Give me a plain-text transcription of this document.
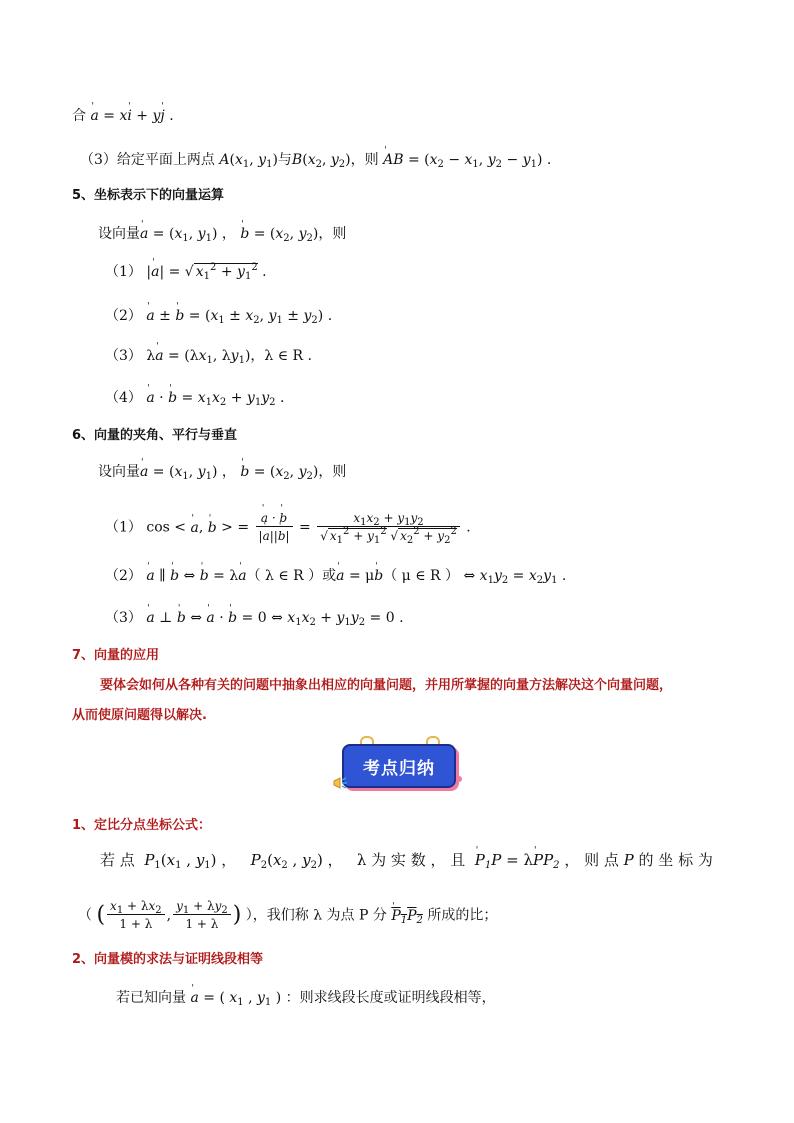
合 ' a = x' i + y' j .
（3）给定平面上两点 $A(x_1$, $y_1$)与$B(x_2$, $y_2$)，则 ' AB = ($x_2 - x_1$, $y_2 - y_1$) .
5、坐标表示下的向量运算
设向量' $a = (x_1$, $y_1$) ， ' $b = (x_2$, $y_2$)，则
（1） |' a| = √ $x_1^2 + y_1^2$ .
（2） ' a ± ' $b = (x_1 \pm x_2$, $y_1 \pm y_2$) .
（3） λ' $a = (\lambda x_1$, $\lambda y_1$)，λ ∈ R .
（4） ' a · ' $b = x_1x_2 + y_1y_2$ .
6、向量的夹角、平行与垂直
设向量' $a = (x_1$, $y_1$) ， ' $b = (x_2$, $y_2$)，则
（1） cos < ' a, ' b > = ' $\frac{a \cdot ' b}{|' a||' b|} = \frac{x_1x_2 + y_1y_2}{√ x_1^2 + y_1^2 √ x_2^2 + y_2^2}$ .
（2） ' a ∥ ' b ⇔ ' b = λ' a（ λ ∈ R ）或' a = μ' b（ μ ∈ R ） ⇔ $x_1y_2 = x_2y_1$ .
（3） ' a ⊥ ' b ⇔ ' a · ' b = 0 ⇔ $x_1x_2 + y_1y_2 = 0$ .
7、向量的应用
要体会如何从各种有关的问题中抽象出相应的向量问题，并用所掌握的向量方法解决这个向量问题，
从而使原问题得以解决.
考点归纳
1、定比分点坐标公式：
若 点 $P_1(x_1$ , $y_1$) ，   $P_2(x_2$ , $y_2$) ，   λ 为 实 数 ， 且 ' $P_1P = \lambda'$ $PP_2$ ， 则 点 P 的 坐 标 为
（ ( $\frac{x_1 + \lambda x_2}{1 + \lambda}$ , $\frac{y_1 + \lambda y_2}{1 + \lambda}$ ) ），我们称 λ 为点 P 分 ' $P_1P_2$ 所成的比；
2、向量模的求法与证明线段相等
若已知向量 ' a = ( $x_1$ , $y_1$ ) ：则求线段长度或证明线段相等，
